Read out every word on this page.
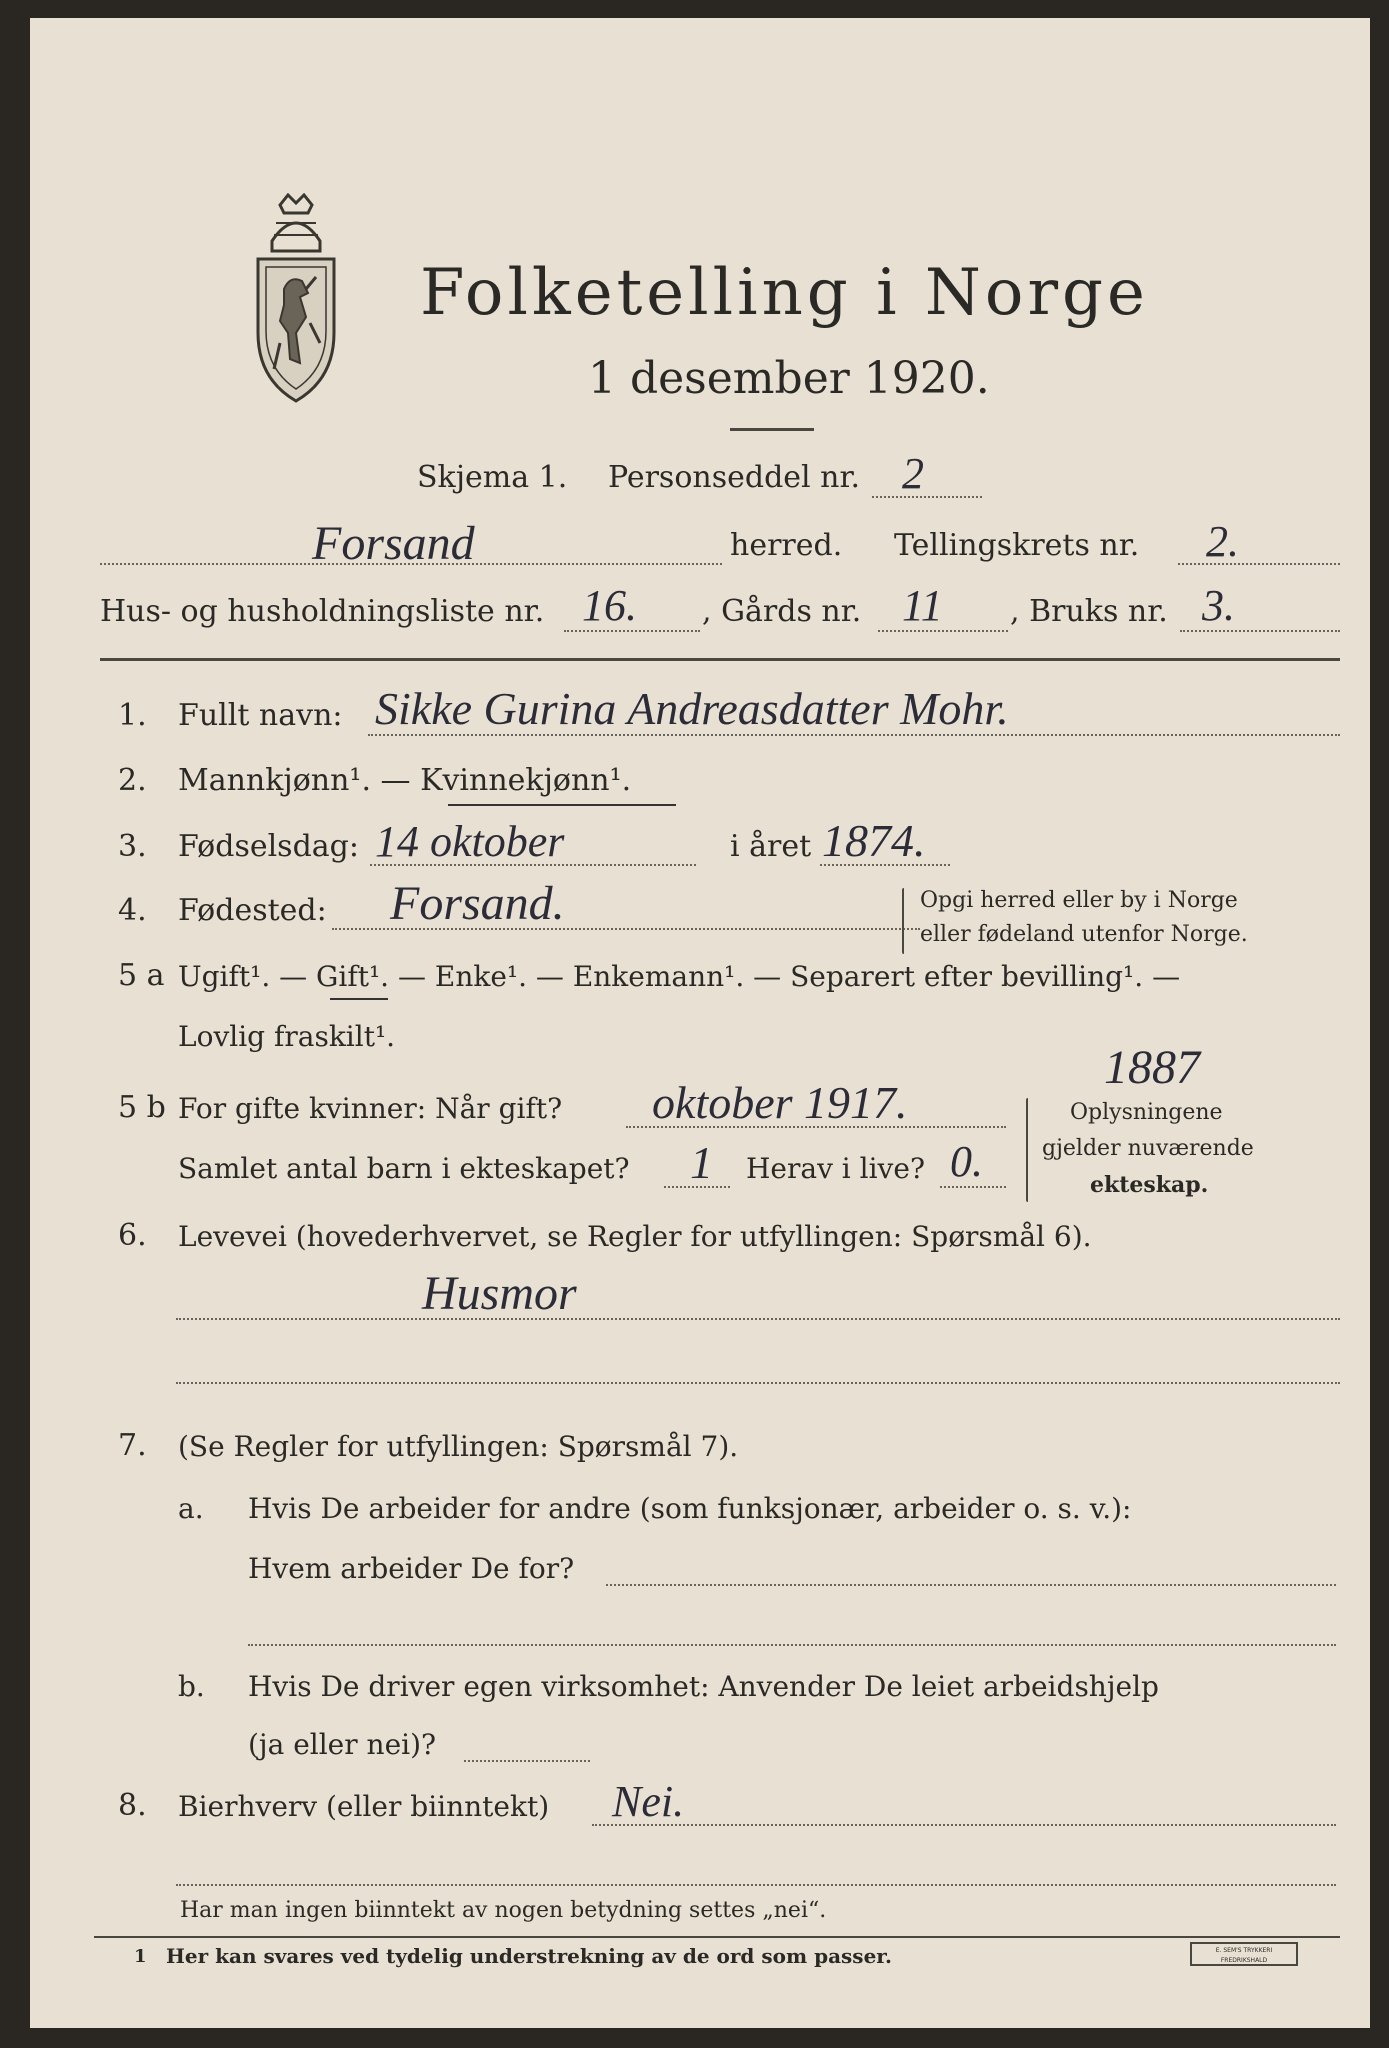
Folketelling i Norge
1 desember 1920.
Skjema 1. Personseddel nr. 2
Forsand	herred. Tellingskrets nr. 2.
Hus- og husholdningsliste nr. 16. , Gårds nr. 11 , Bruks nr. 3.
1. Fullt navn: Sikke Gurina Andreasdatter Mohr.
2. Mannkjønn¹. — Kvinnekjønn¹.
3. Fødselsdag: 14 oktober	i året 1874.
4. Fødested: Forsand.	Opgi herred eller by i Norge
eller fødeland utenfor Norge.
5 a Ugift¹. — Gift¹. — Enke¹. — Enkemann¹. — Separert efter bevilling¹. —
Lovlig fraskilt¹.
5 b For gifte kvinner: Når gift? oktober 1917.
1887
Samlet antal barn i ekteskapet? 1 Herav i live? 0.
Oplysningene
gjelder nuværende
ekteskap.
6. Levevei (hovederhvervet, se Regler for utfyllingen: Spørsmål 6).
Husmor
7. (Se Regler for utfyllingen: Spørsmål 7).
a. Hvis De arbeider for andre (som funksjonær, arbeider o. s. v.):
Hvem arbeider De for?
b. Hvis De driver egen virksomhet: Anvender De leiet arbeidshjelp
(ja eller nei)?
8. Bierhverv (eller biinntekt) Nei.
Har man ingen biinntekt av nogen betydning settes „nei“.
1 Her kan svares ved tydelig understrekning av de ord som passer.	E. SEM'S TRYKKERI FREDRIKSHALD
